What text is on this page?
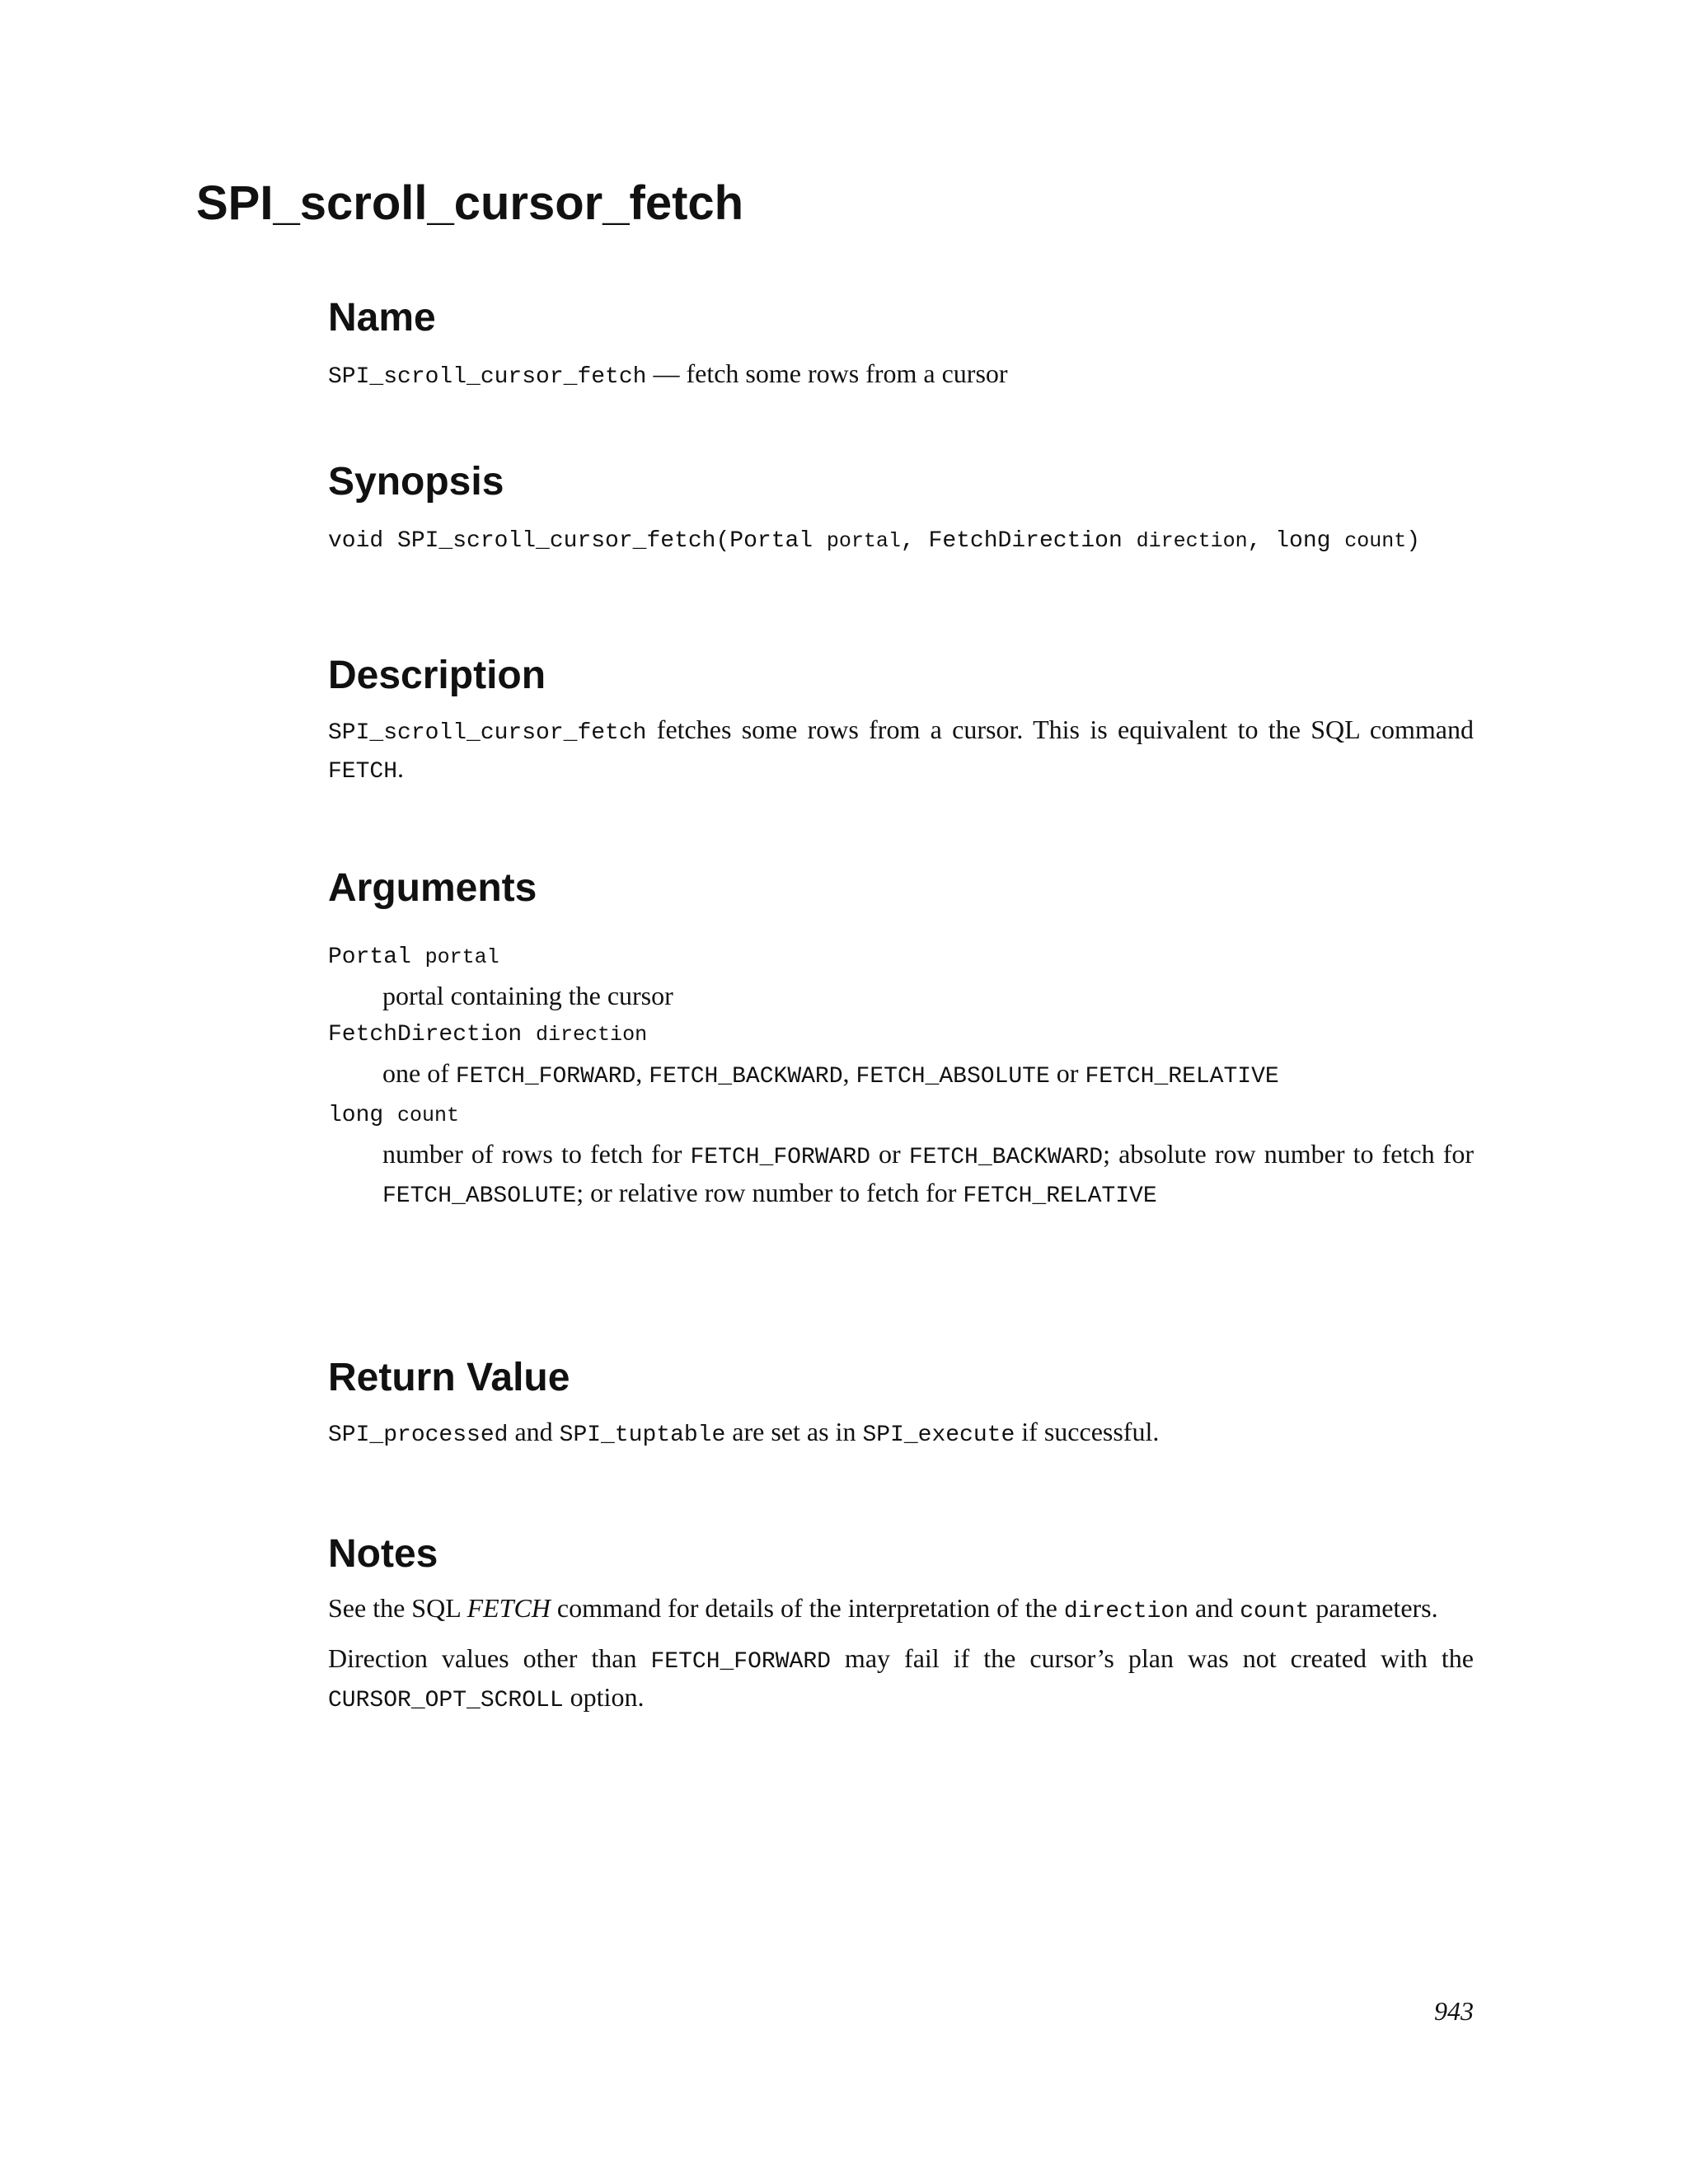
SPI_scroll_cursor_fetch
Name

SPI_scroll_cursor_fetch — fetch some rows from a cursor

Synopsis

void SPI_scroll_cursor_fetch(Portal portal, FetchDirection direction, long count)

Description

SPI_scroll_cursor_fetch fetches some rows from a cursor. This is equivalent to the SQL command FETCH.

Arguments

Portal portal

portal containing the cursor

FetchDirection direction

one of FETCH_FORWARD, FETCH_BACKWARD, FETCH_ABSOLUTE or FETCH_RELATIVE

long count

number of rows to fetch for FETCH_FORWARD or FETCH_BACKWARD; absolute row number to fetch for FETCH_ABSOLUTE; or relative row number to fetch for FETCH_RELATIVE

Return Value

SPI_processed and SPI_tuptable are set as in SPI_execute if successful.

Notes

See the SQL FETCH command for details of the interpretation of the direction and count parameters.

Direction values other than FETCH_FORWARD may fail if the cursor’s plan was not created with the CURSOR_OPT_SCROLL option.

943
